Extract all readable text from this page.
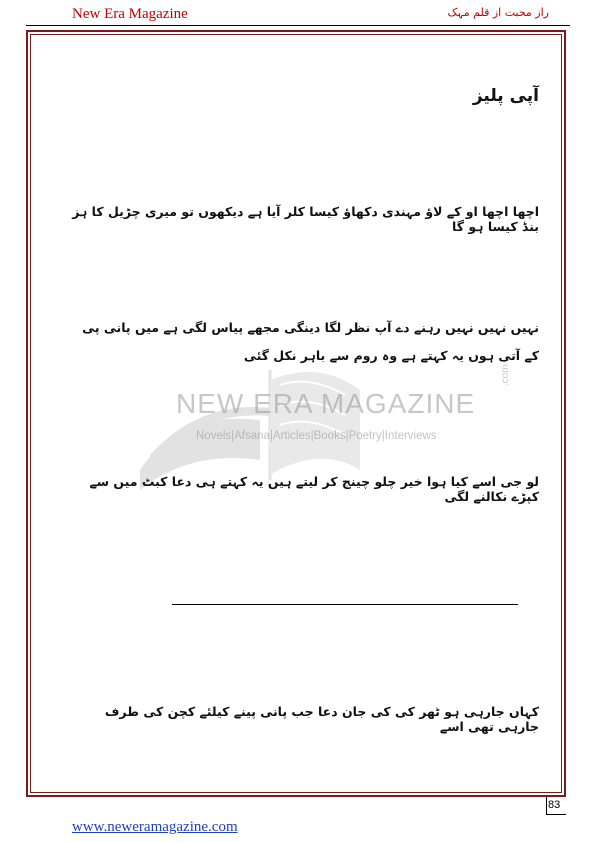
New Era Magazine	راز محبت از قلم مہک
NEW ERA MAGAZINE
.com
Novels|Afsana|Articles|Books|Poetry|Interviews
آپی پلیز
اچھا اچھا او کے لاؤ مہندی دکھاؤ کیسا کلر آیا ہے دیکھوں تو میری چڑیل کا ہز بنڈ کیسا ہو گا
نہیں نہیں نہیں رہنے دے آپ نظر لگا دینگی مجھے پیاس لگی ہے میں پانی پی کے آتی ہوں یہ کہتے ہے وہ روم سے باہر نکل گئی
لو جی اسے کیا ہوا خیر چلو چینج کر لیتے ہیں یہ کہتے ہی دعا کبٹ میں سے کپڑے نکالنے لگی
کہاں جارہی ہو ٹھر کی کی جان دعا جب پانی پینے کیلئے کچن کی طرف جارہی تھی اسے
83
www.neweramagazine.com
